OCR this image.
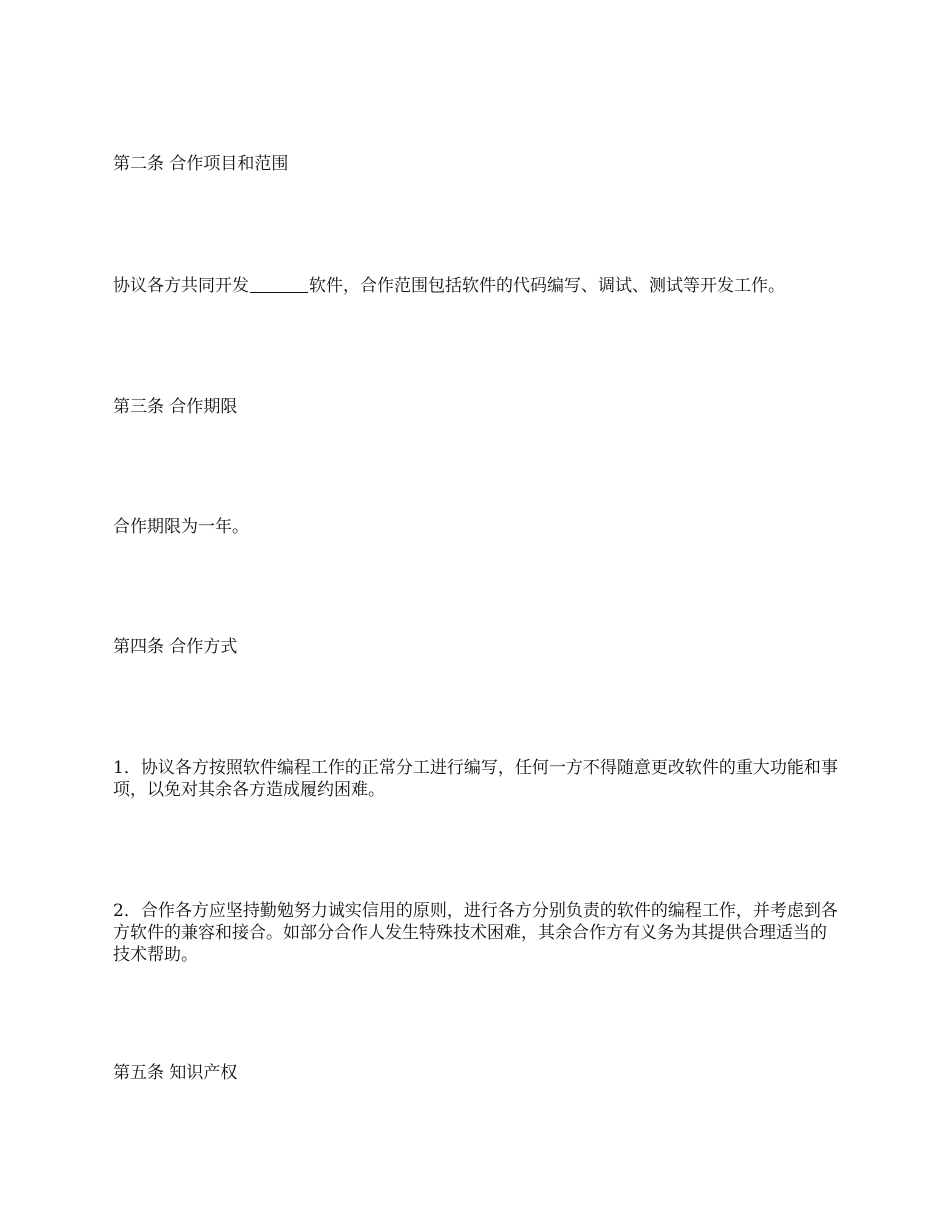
第二条 合作项目和范围

协议各方共同开发	软件，合作范围包括软件的代码编写、调试、测试等开发工作。

第三条 合作期限

合作期限为一年。

第四条 合作方式

1．协议各方按照软件编程工作的正常分工进行编写，任何一方不得随意更改软件的重大功能和事项，以免对其余各方造成履约困难。

2．合作各方应坚持勤勉努力诚实信用的原则，进行各方分别负责的软件的编程工作，并考虑到各方软件的兼容和接合。如部分合作人发生特殊技术困难，其余合作方有义务为其提供合理适当的技术帮助。

第五条 知识产权
